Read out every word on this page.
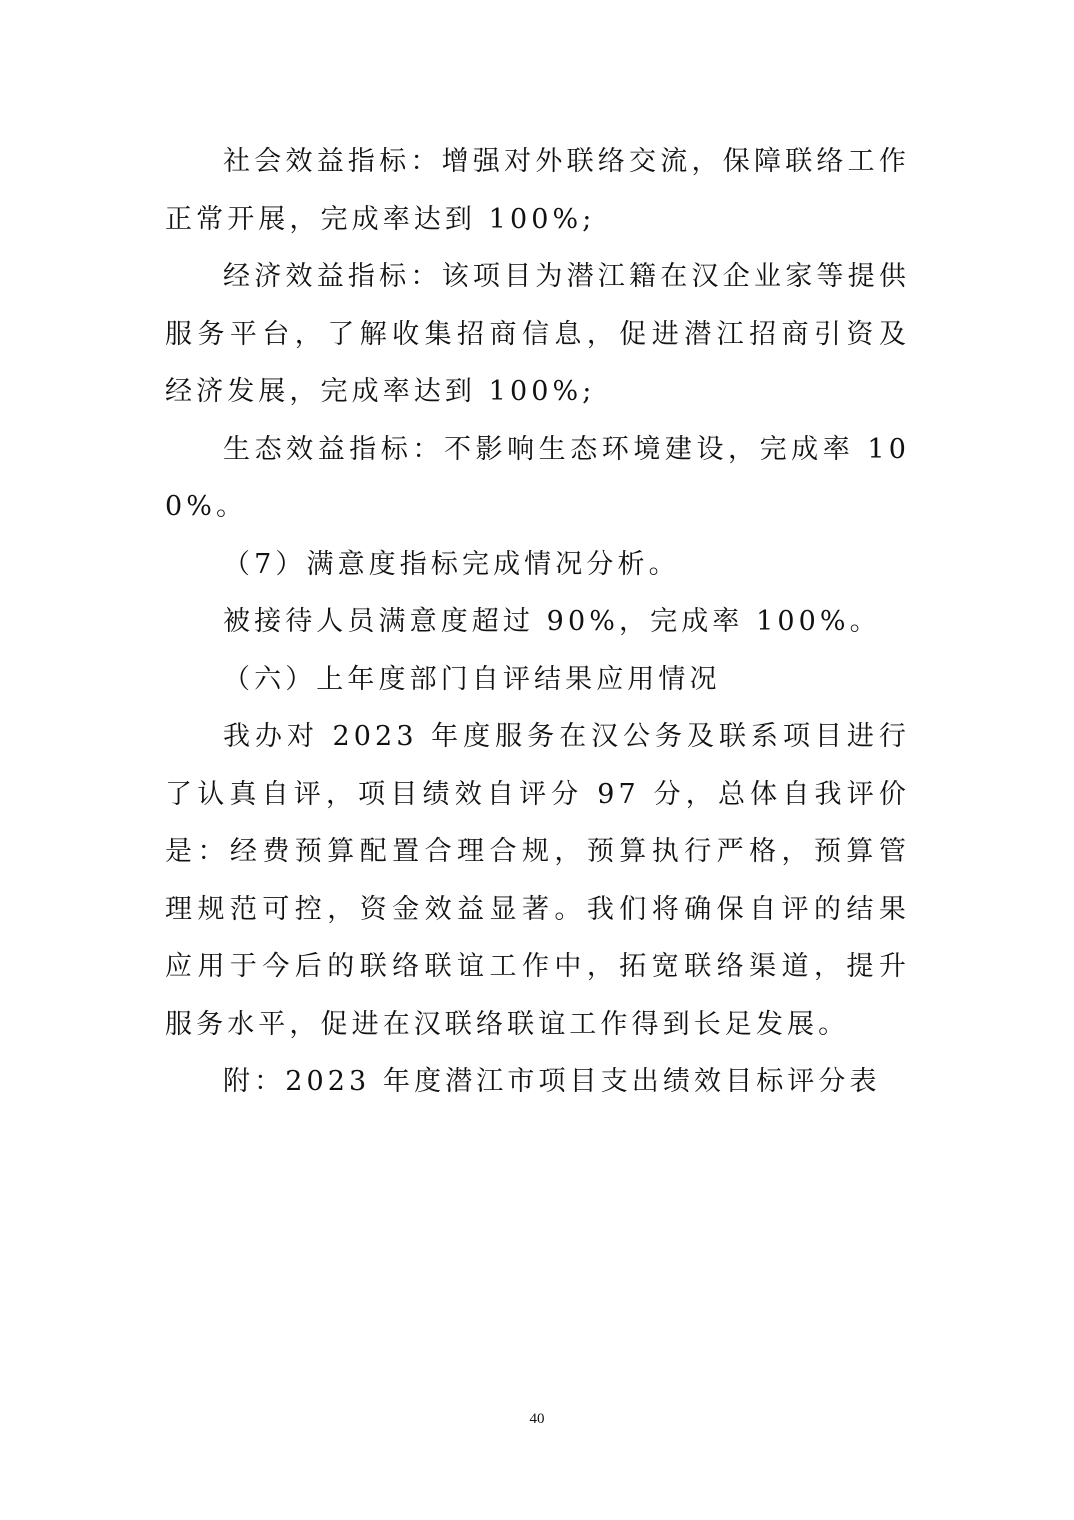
社会效益指标：增强对外联络交流，保障联络工作正常开展，完成率达到 100%;

经济效益指标：该项目为潜江籍在汉企业家等提供服务平台，了解收集招商信息，促进潜江招商引资及经济发展，完成率达到 100%;

生态效益指标：不影响生态环境建设，完成率 100%。

（7）满意度指标完成情况分析。

被接待人员满意度超过 90%，完成率 100%。

（六）上年度部门自评结果应用情况

我办对 2023 年度服务在汉公务及联系项目进行了认真自评，项目绩效自评分 97 分，总体自我评价是：经费预算配置合理合规，预算执行严格，预算管理规范可控，资金效益显著。我们将确保自评的结果应用于今后的联络联谊工作中，拓宽联络渠道，提升服务水平，促进在汉联络联谊工作得到长足发展。

附：2023 年度潜江市项目支出绩效目标评分表

40
